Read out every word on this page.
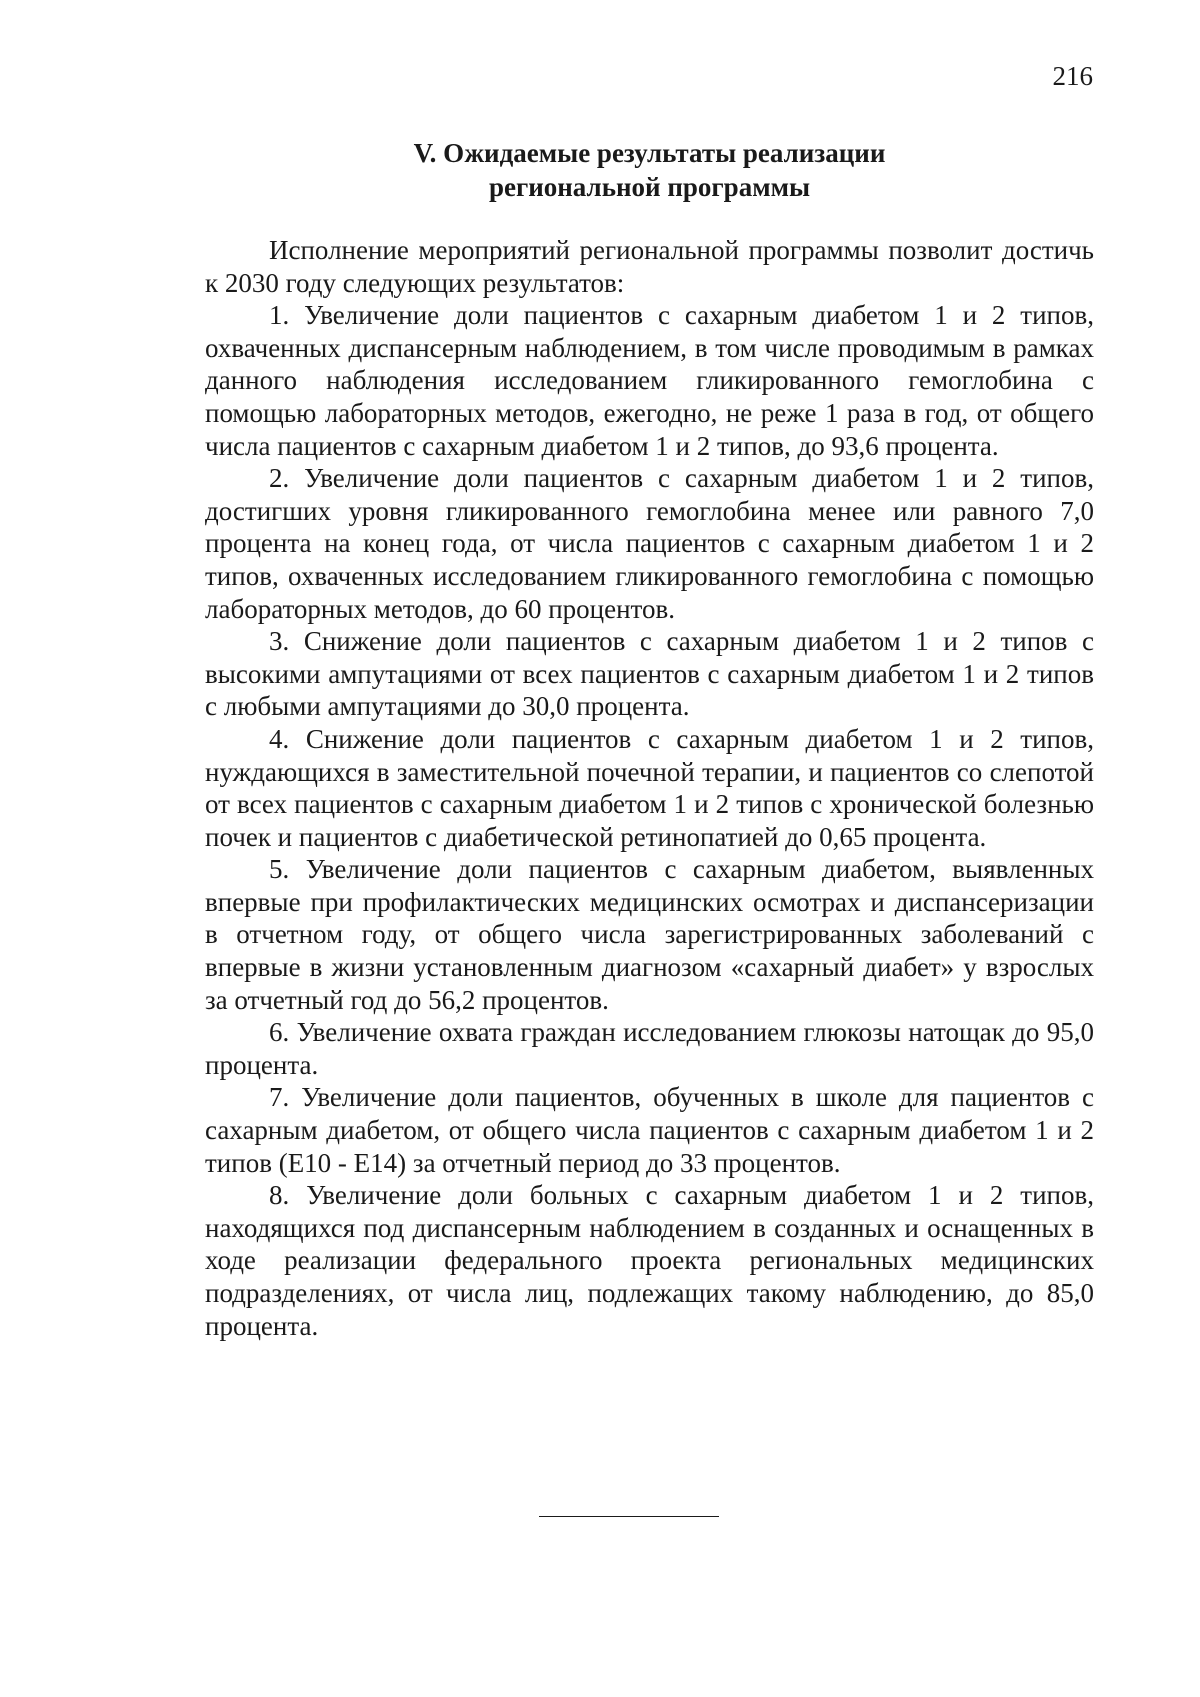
216
V. Ожидаемые результаты реализации
региональной программы

Исполнение мероприятий региональной программы позволит достичь к 2030 году следующих результатов:

1. Увеличение доли пациентов с сахарным диабетом 1 и 2 типов, охваченных диспансерным наблюдением, в том числе проводимым в рамках данного наблюдения исследованием гликированного гемоглобина с помощью лабораторных методов, ежегодно, не реже 1 раза в год, от общего числа пациентов с сахарным диабетом 1 и 2 типов, до 93,6 процента.

2. Увеличение доли пациентов с сахарным диабетом 1 и 2 типов, достигших уровня гликированного гемоглобина менее или равного 7,0 процента на конец года, от числа пациентов с сахарным диабетом 1 и 2 типов, охваченных исследованием гликированного гемоглобина с помощью лабораторных методов, до 60 процентов.

3. Снижение доли пациентов с сахарным диабетом 1 и 2 типов с высокими ампутациями от всех пациентов с сахарным диабетом 1 и 2 типов с любыми ампутациями до 30,0 процента.

4. Снижение доли пациентов с сахарным диабетом 1 и 2 типов, нуждающихся в заместительной почечной терапии, и пациентов со слепотой от всех пациентов с сахарным диабетом 1 и 2 типов с хронической болезнью почек и пациентов с диабетической ретинопатией до 0,65 процента.

5. Увеличение доли пациентов с сахарным диабетом, выявленных впервые при профилактических медицинских осмотрах и диспансеризации в отчетном году, от общего числа зарегистрированных заболеваний с впервые в жизни установленным диагнозом «сахарный диабет» у взрослых за отчетный год до 56,2 процентов.

6. Увеличение охвата граждан исследованием глюкозы натощак до 95,0 процента.

7. Увеличение доли пациентов, обученных в школе для пациентов с сахарным диабетом, от общего числа пациентов с сахарным диабетом 1 и 2 типов (Е10 - Е14) за отчетный период до 33 процентов.

8. Увеличение доли больных с сахарным диабетом 1 и 2 типов, находящихся под диспансерным наблюдением в созданных и оснащенных в ходе реализации федерального проекта региональных медицинских подразделениях, от числа лиц, подлежащих такому наблюдению, до 85,0 процента.
